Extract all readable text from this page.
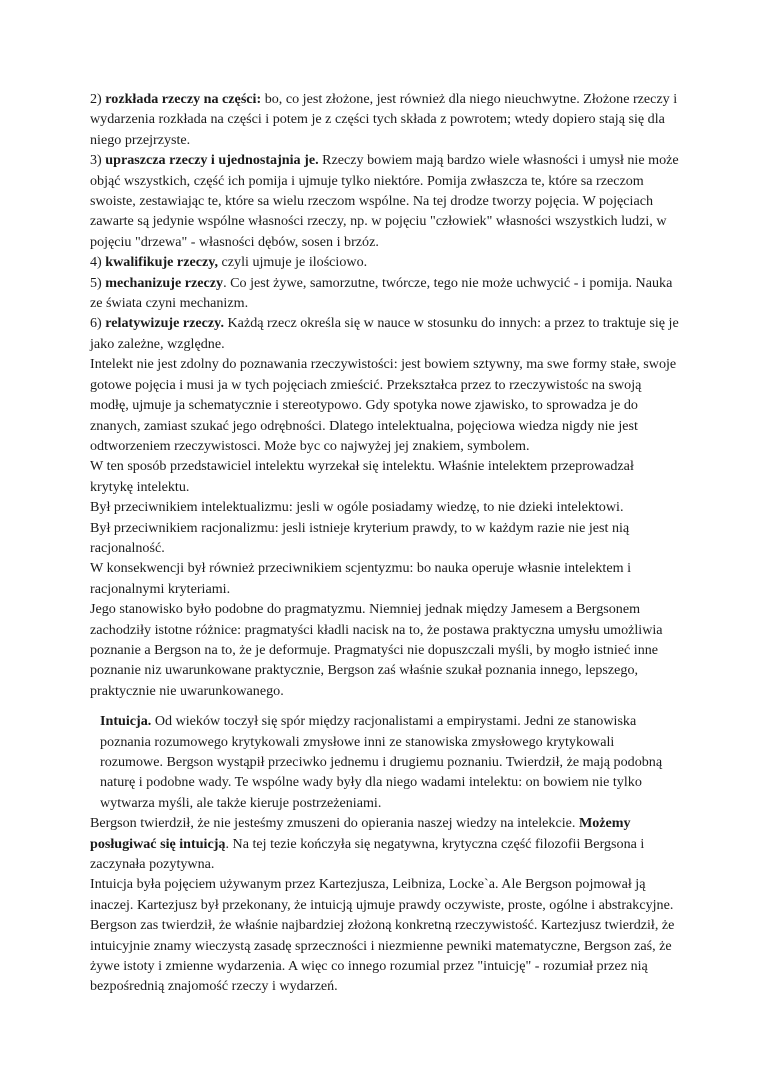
2) rozkłada rzeczy na części: bo, co jest złożone, jest również dla niego nieuchwytne. Złożone rzeczy i wydarzenia rozkłada na części i potem je z części tych składa z powrotem; wtedy dopiero stają się dla niego przejrzyste.

3) upraszcza rzeczy i ujednostajnia je. Rzeczy bowiem mają bardzo wiele własności i umysł nie może objąć wszystkich, część ich pomija i ujmuje tylko niektóre. Pomija zwłaszcza te, które sa rzeczom swoiste, zestawiając te, które sa wielu rzeczom wspólne. Na tej drodze tworzy pojęcia. W pojęciach zawarte są jedynie wspólne własności rzeczy, np. w pojęciu "człowiek" własności wszystkich ludzi, w pojęciu "drzewa" - własności dębów, sosen i brzóz.

4) kwalifikuje rzeczy, czyli ujmuje je ilościowo.

5) mechanizuje rzeczy. Co jest żywe, samorzutne, twórcze, tego nie może uchwycić - i pomija. Nauka ze świata czyni mechanizm.

6) relatywizuje rzeczy. Każdą rzecz określa się w nauce w stosunku do innych: a przez to traktuje się je jako zależne, względne.

Intelekt nie jest zdolny do poznawania rzeczywistości: jest bowiem sztywny, ma swe formy stałe, swoje gotowe pojęcia i musi ja w tych pojęciach zmieścić. Przekształca przez to rzeczywistośc na swoją modłę, ujmuje ja schematycznie i stereotypowo. Gdy spotyka nowe zjawisko, to sprowadza je do znanych, zamiast szukać jego odrębności. Dlatego intelektualna, pojęciowa wiedza nigdy nie jest odtworzeniem rzeczywistosci. Może byc co najwyżej jej znakiem, symbolem.

W ten sposób przedstawiciel intelektu wyrzekał się intelektu. Właśnie intelektem przeprowadzał krytykę intelektu.

Był przeciwnikiem intelektualizmu: jesli w ogóle posiadamy wiedzę, to nie dzieki intelektowi.

Był przeciwnikiem racjonalizmu: jesli istnieje kryterium prawdy, to w każdym razie nie jest nią racjonalność.

W konsekwencji był również przeciwnikiem scjentyzmu: bo nauka operuje własnie intelektem i racjonalnymi kryteriami.

Jego stanowisko było podobne do pragmatyzmu. Niemniej jednak między Jamesem a Bergsonem zachodziły istotne różnice: pragmatyści kładli nacisk na to, że postawa praktyczna umysłu umożliwia poznanie a Bergson na to, że je deformuje. Pragmatyści nie dopuszczali myśli, by mogło istnieć inne poznanie niz uwarunkowane praktycznie, Bergson zaś właśnie szukał poznania innego, lepszego, praktycznie nie uwarunkowanego.

Intuicja. Od wieków toczył się spór między racjonalistami a empirystami. Jedni ze stanowiska poznania rozumowego krytykowali zmysłowe inni ze stanowiska zmysłowego krytykowali rozumowe. Bergson wystąpił przeciwko jednemu i drugiemu poznaniu. Twierdził, że mają podobną naturę i podobne wady. Te wspólne wady były dla niego wadami intelektu: on bowiem nie tylko wytwarza myśli, ale także kieruje postrzeżeniami.

Bergson twierdził, że nie jesteśmy zmuszeni do opierania naszej wiedzy na intelekcie. Możemy posługiwać się intuicją. Na tej tezie kończyła się negatywna, krytyczna część filozofii Bergsona i zaczynała pozytywna.

Intuicja była pojęciem używanym przez Kartezjusza, Leibniza, Locke`a. Ale Bergson pojmował ją inaczej. Kartezjusz był przekonany, że intuicją ujmuje prawdy oczywiste, proste, ogólne i abstrakcyjne. Bergson zas twierdził, że właśnie najbardziej złożoną konkretną rzeczywistość. Kartezjusz twierdził, że intuicyjnie znamy wieczystą zasadę sprzeczności i niezmienne pewniki matematyczne, Bergson zaś, że żywe istoty i zmienne wydarzenia. A więc co innego rozumial przez "intuicję" - rozumiał przez nią bezpośrednią znajomość rzeczy i wydarzeń.
